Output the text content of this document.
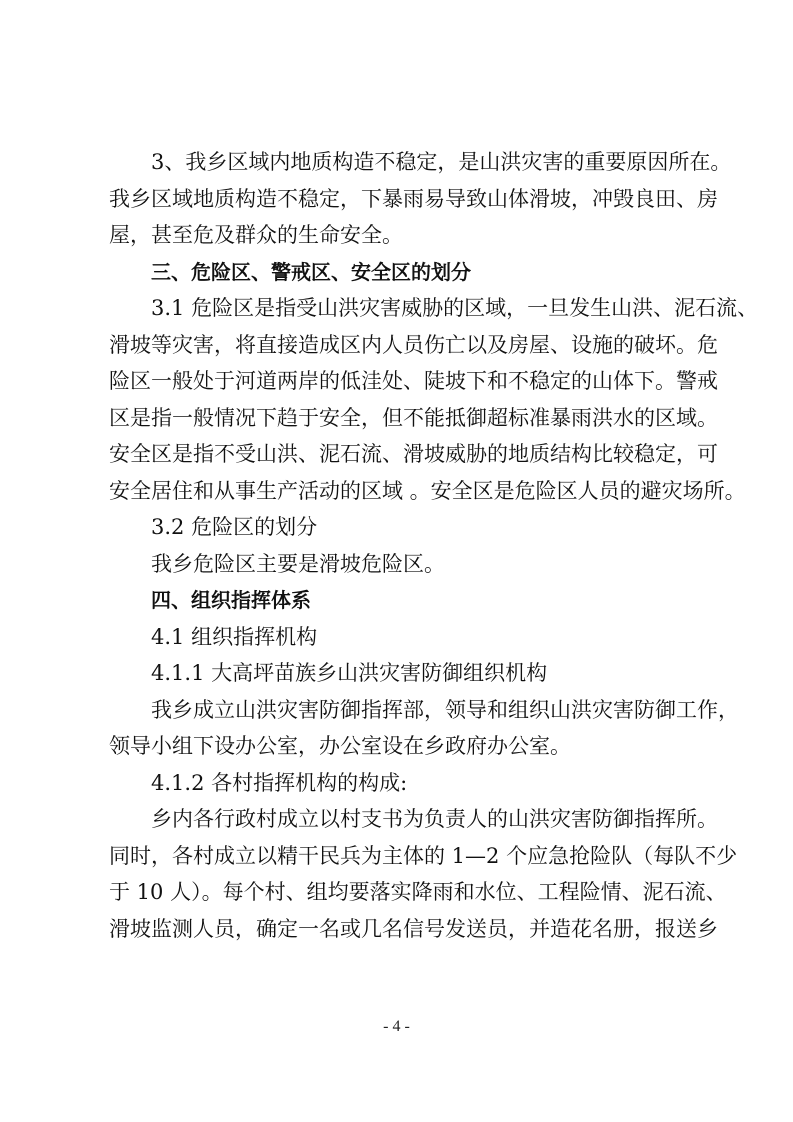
3、我乡区域内地质构造不稳定，是山洪灾害的重要原因所在。
我乡区域地质构造不稳定，下暴雨易导致山体滑坡，冲毁良田、房
屋，甚至危及群众的生命安全。
三、危险区、警戒区、安全区的划分
3.1 危险区是指受山洪灾害威胁的区域，一旦发生山洪、泥石流、
滑坡等灾害，将直接造成区内人员伤亡以及房屋、设施的破坏。危
险区一般处于河道两岸的低洼处、陡坡下和不稳定的山体下。警戒
区是指一般情况下趋于安全，但不能抵御超标准暴雨洪水的区域。
安全区是指不受山洪、泥石流、滑坡威胁的地质结构比较稳定，可
安全居住和从事生产活动的区域 。安全区是危险区人员的避灾场所。
3.2 危险区的划分
我乡危险区主要是滑坡危险区。
四、组织指挥体系
4.1 组织指挥机构
4.1.1 大高坪苗族乡山洪灾害防御组织机构
我乡成立山洪灾害防御指挥部，领导和组织山洪灾害防御工作，
领导小组下设办公室，办公室设在乡政府办公室。
4.1.2 各村指挥机构的构成:
乡内各行政村成立以村支书为负责人的山洪灾害防御指挥所。
同时，各村成立以精干民兵为主体的 1—2 个应急抢险队（每队不少
于 10 人）。每个村、组均要落实降雨和水位、工程险情、泥石流、
滑坡监测人员，确定一名或几名信号发送员，并造花名册，报送乡
- 4 -
